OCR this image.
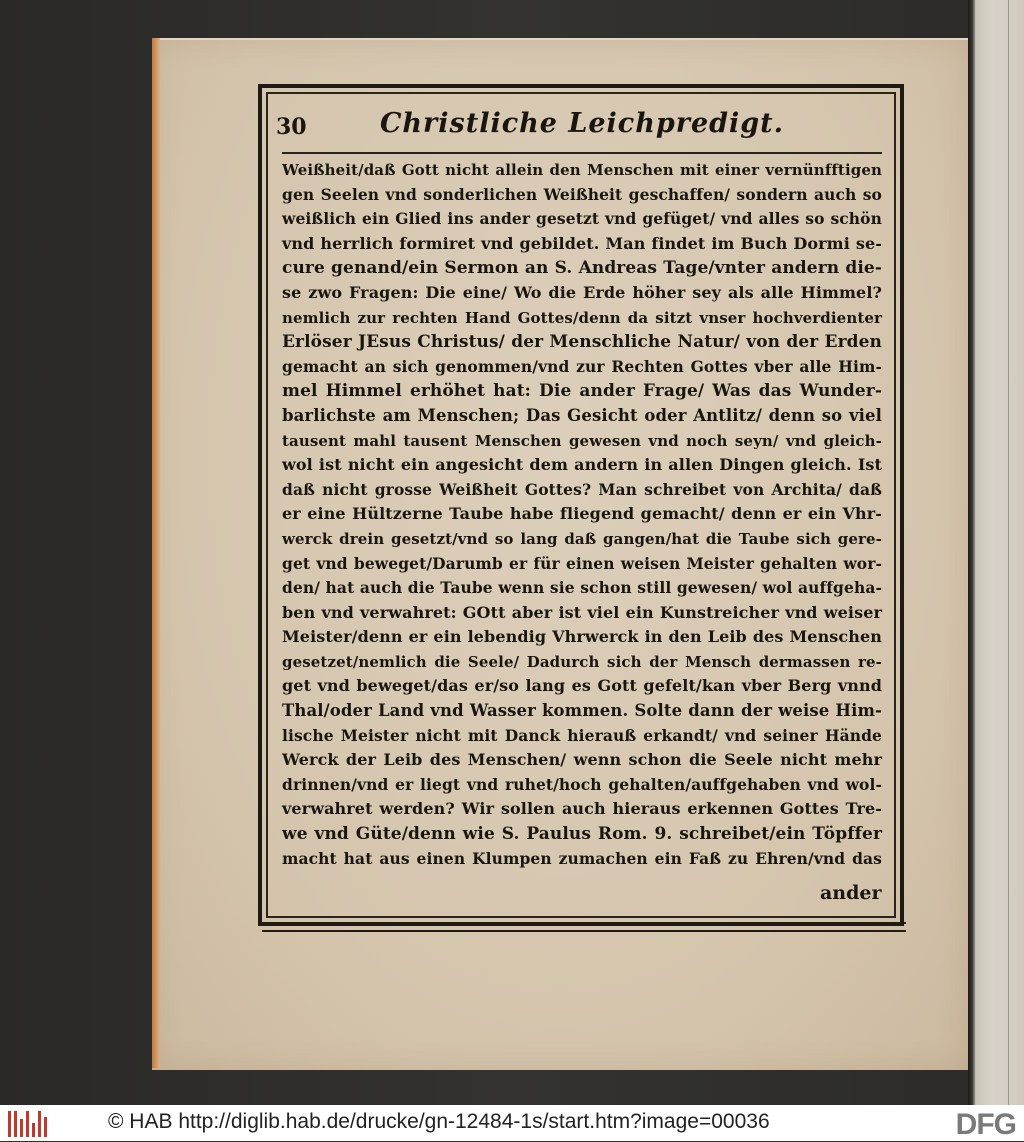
30	Christliche Leichpredigt.
Weißheit/daß Gott nicht allein den Menschen mit einer vernünfftigen
gen Seelen vnd sonderlichen Weißheit geschaffen/ sondern auch so
weißlich ein Glied ins ander gesetzt vnd gefüget/ vnd alles so schön
vnd herrlich formiret vnd gebildet. Man findet im Buch Dormi se-
cure genand/ein Sermon an S. Andreas Tage/vnter andern die-
se zwo Fragen: Die eine/ Wo die Erde höher sey als alle Himmel?
nemlich zur rechten Hand Gottes/denn da sitzt vnser hochverdienter
Erlöser JEsus Christus/ der Menschliche Natur/ von der Erden
gemacht an sich genommen/vnd zur Rechten Gottes vber alle Him-
mel Himmel erhöhet hat: Die ander Frage/ Was das Wunder-
barlichste am Menschen; Das Gesicht oder Antlitz/ denn so viel
tausent mahl tausent Menschen gewesen vnd noch seyn/ vnd gleich-
wol ist nicht ein angesicht dem andern in allen Dingen gleich. Ist
daß nicht grosse Weißheit Gottes? Man schreibet von Archita/ daß
er eine Hültzerne Taube habe fliegend gemacht/ denn er ein Vhr-
werck drein gesetzt/vnd so lang daß gangen/hat die Taube sich gere-
get vnd beweget/Darumb er für einen weisen Meister gehalten wor-
den/ hat auch die Taube wenn sie schon still gewesen/ wol auffgeha-
ben vnd verwahret: GOtt aber ist viel ein Kunstreicher vnd weiser
Meister/denn er ein lebendig Vhrwerck in den Leib des Menschen
gesetzet/nemlich die Seele/ Dadurch sich der Mensch dermassen re-
get vnd beweget/das er/so lang es Gott gefelt/kan vber Berg vnnd
Thal/oder Land vnd Wasser kommen. Solte dann der weise Him-
lische Meister nicht mit Danck hierauß erkandt/ vnd seiner Hände
Werck der Leib des Menschen/ wenn schon die Seele nicht mehr
drinnen/vnd er liegt vnd ruhet/hoch gehalten/auffgehaben vnd wol-
verwahret werden? Wir sollen auch hieraus erkennen Gottes Tre-
we vnd Güte/denn wie S. Paulus Rom. 9. schreibet/ein Töpffer
macht hat aus einen Klumpen zumachen ein Faß zu Ehren/vnd das
ander
© HAB http://diglib.hab.de/drucke/gn-12484-1s/start.htm?image=00036	DFG
